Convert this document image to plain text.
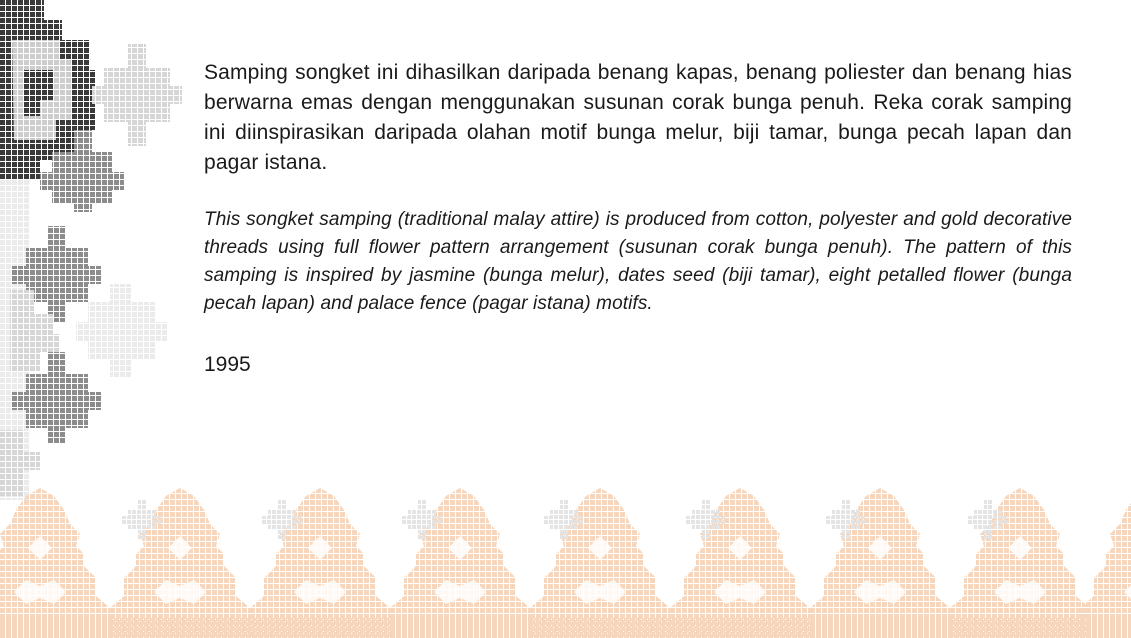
Samping songket ini dihasilkan daripada benang kapas, benang poliester dan benang hias berwarna emas dengan menggunakan susunan corak bunga penuh. Reka corak samping ini diinspirasikan daripada olahan motif bunga melur, biji tamar, bunga pecah lapan dan pagar istana.

This songket samping (traditional malay attire) is produced from cotton, polyester and gold decorative threads using full flower pattern arrangement (susunan corak bunga penuh). The pattern of this samping is inspired by jasmine (bunga melur), dates seed (biji tamar), eight petalled flower (bunga pecah lapan) and palace fence (pagar istana) motifs.

1995
